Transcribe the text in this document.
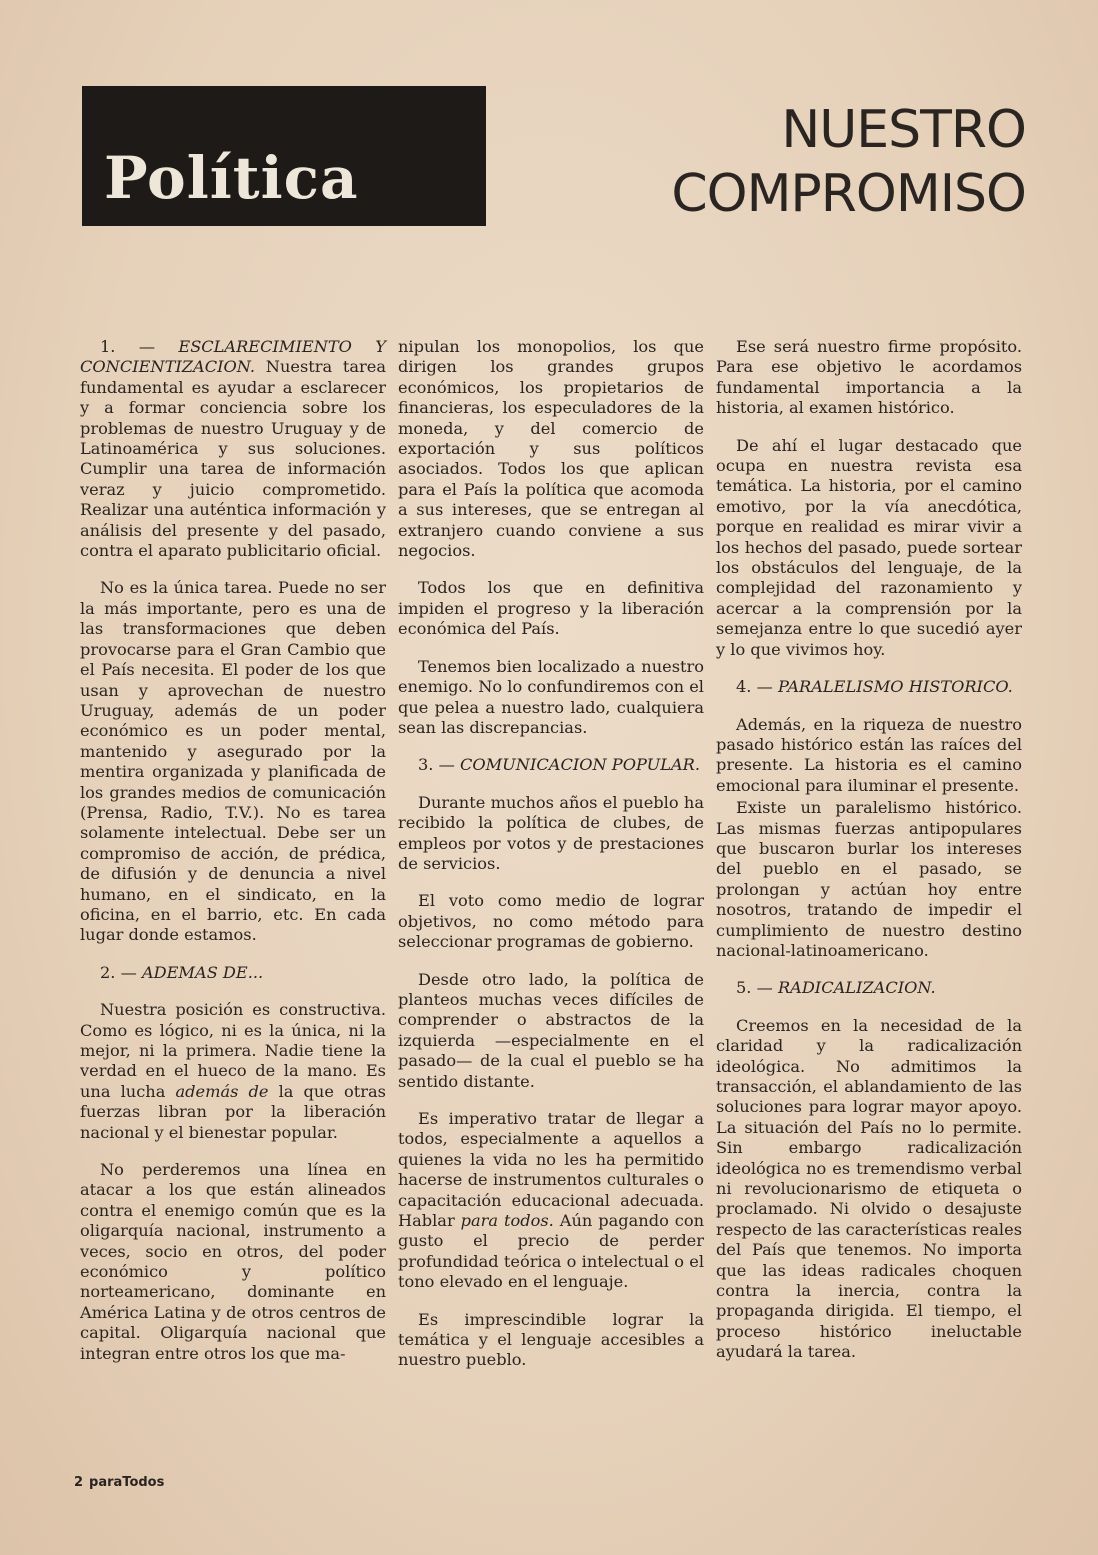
Política
NUESTRO
COMPROMISO

1. — ESCLARECIMIENTO Y CONCIENTIZACION. Nuestra tarea fundamental es ayudar a esclarecer y a formar conciencia sobre los problemas de nuestro Uruguay y de Latinoamérica y sus soluciones. Cumplir una tarea de información veraz y juicio comprometido. Realizar una auténtica información y análisis del presente y del pasado, contra el aparato publicitario oficial.

No es la única tarea. Puede no ser la más importante, pero es una de las transformaciones que deben provocarse para el Gran Cambio que el País necesita. El poder de los que usan y aprovechan de nuestro Uruguay, además de un poder económico es un poder mental, mantenido y asegurado por la mentira organizada y planificada de los grandes medios de comunicación (Prensa, Radio, T.V.). No es tarea solamente intelectual. Debe ser un compromiso de acción, de prédica, de difusión y de denuncia a nivel humano, en el sindicato, en la oficina, en el barrio, etc. En cada lugar donde estamos.

2. — ADEMAS DE...

Nuestra posición es constructiva. Como es lógico, ni es la única, ni la mejor, ni la primera. Nadie tiene la verdad en el hueco de la mano. Es una lucha además de la que otras fuerzas libran por la liberación nacional y el bienestar popular.

No perderemos una línea en atacar a los que están alineados contra el enemigo común que es la oligarquía nacional, instrumento a veces, socio en otros, del poder económico y político norteamericano, dominante en América Latina y de otros centros de capital. Oligarquía nacional que integran entre otros los que ma-

nipulan los monopolios, los que dirigen los grandes grupos económicos, los propietarios de financieras, los especuladores de la moneda, y del comercio de exportación y sus políticos asociados. Todos los que aplican para el País la política que acomoda a sus intereses, que se entregan al extranjero cuando conviene a sus negocios.

Todos los que en definitiva impiden el progreso y la liberación económica del País.

Tenemos bien localizado a nuestro enemigo. No lo confundiremos con el que pelea a nuestro lado, cualquiera sean las discrepancias.

3. — COMUNICACION POPULAR.

Durante muchos años el pueblo ha recibido la política de clubes, de empleos por votos y de prestaciones de servicios.

El voto como medio de lograr objetivos, no como método para seleccionar programas de gobierno.

Desde otro lado, la política de planteos muchas veces difíciles de comprender o abstractos de la izquierda —especialmente en el pasado— de la cual el pueblo se ha sentido distante.

Es imperativo tratar de llegar a todos, especialmente a aquellos a quienes la vida no les ha permitido hacerse de instrumentos culturales o capacitación educacional adecuada. Hablar para todos. Aún pagando con gusto el precio de perder profundidad teórica o intelectual o el tono elevado en el lenguaje.

Es imprescindible lograr la temática y el lenguaje accesibles a nuestro pueblo.

Ese será nuestro firme propósito. Para ese objetivo le acordamos fundamental importancia a la historia, al examen histórico.

De ahí el lugar destacado que ocupa en nuestra revista esa temática. La historia, por el camino emotivo, por la vía anecdótica, porque en realidad es mirar vivir a los hechos del pasado, puede sortear los obstáculos del lenguaje, de la complejidad del razonamiento y acercar a la comprensión por la semejanza entre lo que sucedió ayer y lo que vivimos hoy.

4. — PARALELISMO HISTORICO.

Además, en la riqueza de nuestro pasado histórico están las raíces del presente. La historia es el camino emocional para iluminar el presente.

Existe un paralelismo histórico. Las mismas fuerzas antipopulares que buscaron burlar los intereses del pueblo en el pasado, se prolongan y actúan hoy entre nosotros, tratando de impedir el cumplimiento de nuestro destino nacional-latinoamericano.

5. — RADICALIZACION.

Creemos en la necesidad de la claridad y la radicalización ideológica. No admitimos la transacción, el ablandamiento de las soluciones para lograr mayor apoyo. La situación del País no lo permite. Sin embargo radicalización ideológica no es tremendismo verbal ni revolucionarismo de etiqueta o proclamado. Ni olvido o desajuste respecto de las características reales del País que tenemos. No importa que las ideas radicales choquen contra la inercia, contra la propaganda dirigida. El tiempo, el proceso histórico ineluctable ayudará la tarea.

2 paraTodos
